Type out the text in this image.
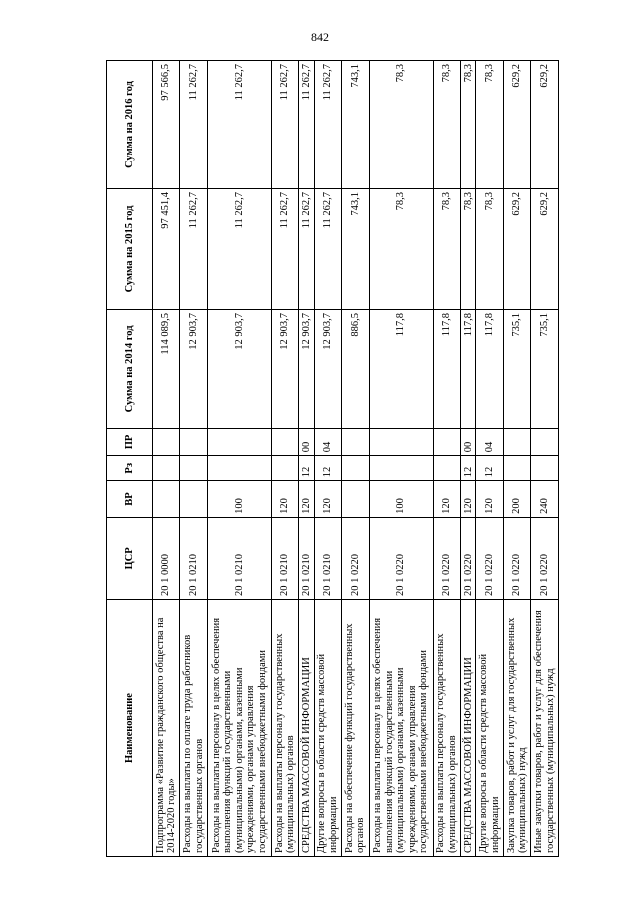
842
Наименование	ЦСР	ВР	Рз	ПР	Сумма на 2014 год	Сумма на 2015 год	Сумма на 2016 год
Подпрограмма «Развитие гражданского общества на 2014-2020 годы»	20 1 0000				114 089,5	97 451,4	97 566,5
Расходы на выплаты по оплате труда работников государственных органов	20 1 0210				12 903,7	11 262,7	11 262,7
Расходы на выплаты персоналу в целях обеспечения выполнения функций государственными (муниципальными) органами, казенными учреждениями, органами управления государственными внебюджетными фондами	20 1 0210	100			12 903,7	11 262,7	11 262,7
Расходы на выплаты персоналу государственных (муниципальных) органов	20 1 0210	120			12 903,7	11 262,7	11 262,7
СРЕДСТВА МАССОВОЙ ИНФОРМАЦИИ	20 1 0210	120	12	00	12 903,7	11 262,7	11 262,7
Другие вопросы в области средств массовой информации	20 1 0210	120	12	04	12 903,7	11 262,7	11 262,7
Расходы на обеспечение функций государственных органов	20 1 0220				886,5	743,1	743,1
Расходы на выплаты персоналу в целях обеспечения выполнения функций государственными (муниципальными) органами, казенными учреждениями, органами управления государственными внебюджетными фондами	20 1 0220	100			117,8	78,3	78,3
Расходы на выплаты персоналу государственных (муниципальных) органов	20 1 0220	120			117,8	78,3	78,3
СРЕДСТВА МАССОВОЙ ИНФОРМАЦИИ	20 1 0220	120	12	00	117,8	78,3	78,3
Другие вопросы в области средств массовой информации	20 1 0220	120	12	04	117,8	78,3	78,3
Закупка товаров, работ и услуг для государственных (муниципальных) нужд	20 1 0220	200			735,1	629,2	629,2
Иные закупки товаров, работ и услуг для обеспечения государственных (муниципальных) нужд	20 1 0220	240			735,1	629,2	629,2
